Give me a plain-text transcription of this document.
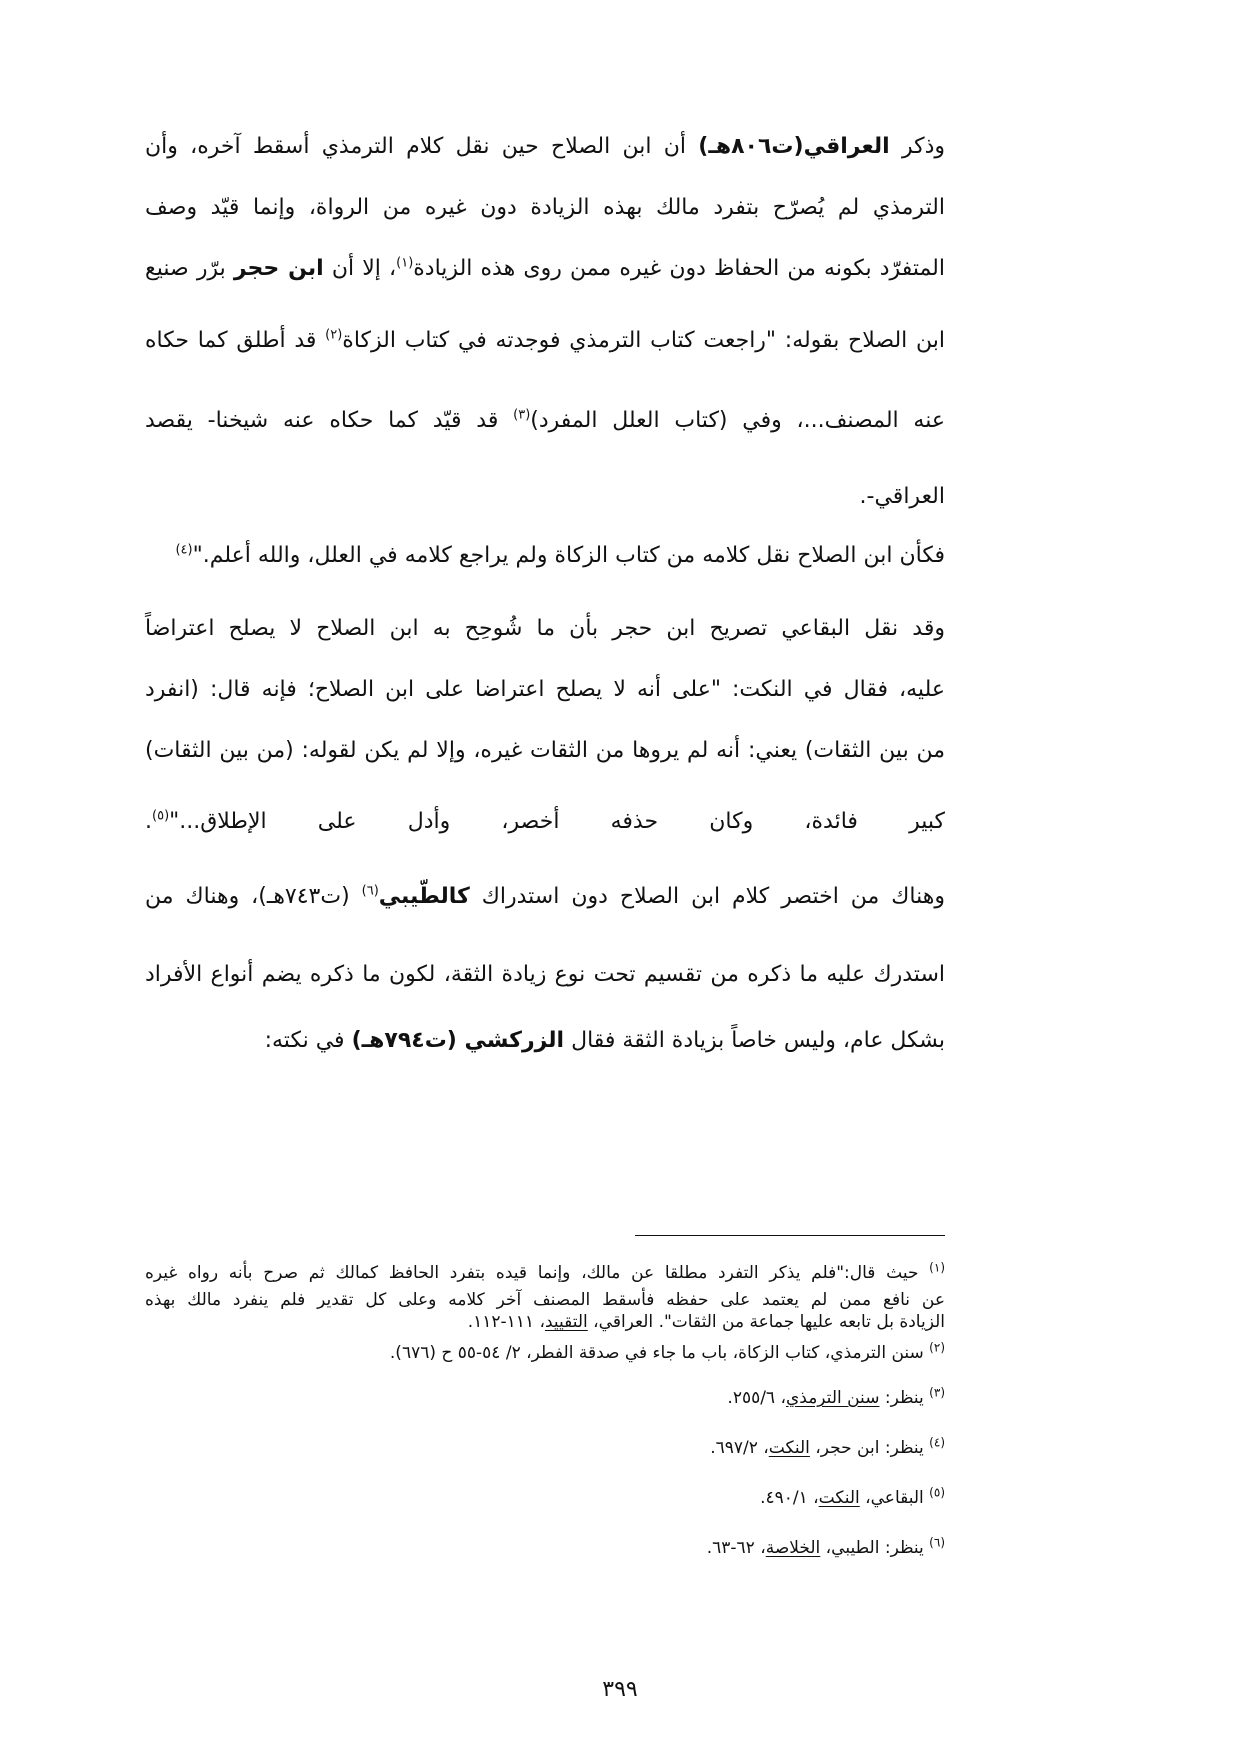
وذكر العراقي(ت٨٠٦هـ) أن ابن الصلاح حين نقل كلام الترمذي أسقط آخره، وأن
الترمذي لم يُصرّح بتفرد مالك بهذه الزيادة دون غيره من الرواة، وإنما قيّد وصف
المتفرّد بكونه من الحفاظ دون غيره ممن روى هذه الزيادة$^{(١)}$، إلا أن ابن حجر برّر صنيع
ابن الصلاح بقوله: "راجعت كتاب الترمذي فوجدته في كتاب الزكاة$^{(٢)}$ قد أطلق كما حكاه
عنه المصنف...، وفي (كتاب العلل المفرد)$^{(٣)}$ قد قيّد كما حكاه عنه شيخنا- يقصد
العراقي-.
فكأن ابن الصلاح نقل كلامه من كتاب الزكاة ولم يراجع كلامه في العلل، والله أعلم."$^{(٤)}$
وقد نقل البقاعي تصريح ابن حجر بأن ما شُوحِح به ابن الصلاح لا يصلح اعتراضاً
عليه، فقال في النكت: "على أنه لا يصلح اعتراضا على ابن الصلاح؛ فإنه قال: (انفرد
من بين الثقات) يعني: أنه لم يروها من الثقات غيره، وإلا لم يكن لقوله: (من بين الثقات)
كبير فائدة، وكان حذفه أخصر، وأدل على الإطلاق..."$^{(٥)}$.
وهناك من اختصر كلام ابن الصلاح دون استدراك كالطّيبي$^{(٦)}$ (ت٧٤٣هـ)، وهناك من
استدرك عليه ما ذكره من تقسيم تحت نوع زيادة الثقة، لكون ما ذكره يضم أنواع الأفراد
بشكل عام، وليس خاصاً بزيادة الثقة فقال الزركشي (ت٧٩٤هـ) في نكته:
$^{(١)}$ حيث قال:"فلم يذكر التفرد مطلقا عن مالك، وإنما قيده بتفرد الحافظ كمالك ثم صرح بأنه رواه غيره
عن نافع ممن لم يعتمد على حفظه فأسقط المصنف آخر كلامه وعلى كل تقدير فلم ينفرد مالك بهذه
الزيادة بل تابعه عليها جماعة من الثقات". العراقي، التقييد، ١١١-١١٢.
$^{(٢)}$ سنن الترمذي، كتاب الزكاة، باب ما جاء في صدقة الفطر، ٢/ ٥٤-٥٥ ح (٦٧٦).
$^{(٣)}$ ينظر: سنن الترمذي، ٢٥٥/٦.
$^{(٤)}$ ينظر: ابن حجر، النكت، ٦٩٧/٢.
$^{(٥)}$ البقاعي، النكت، ٤٩٠/١.
$^{(٦)}$ ينظر: الطيبي، الخلاصة، ٦٢-٦٣.
٣٩٩
